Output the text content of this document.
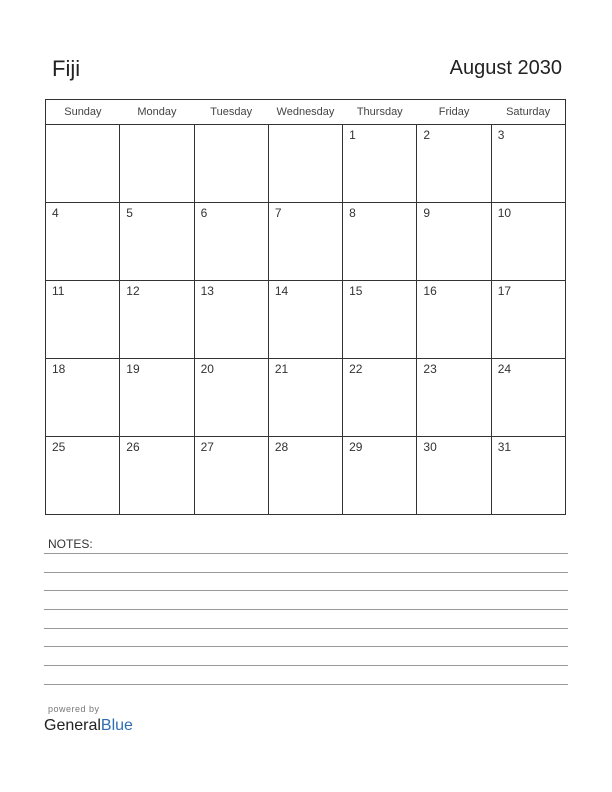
Fiji	August 2030
Sunday	Monday	Tuesday	Wednesday	Thursday	Friday	Saturday

				1	2	3

4	5	6	7	8	9	10

11	12	13	14	15	16	17

18	19	20	21	22	23	24

25	26	27	28	29	30	31
NOTES:
powered by
GeneralBlue
